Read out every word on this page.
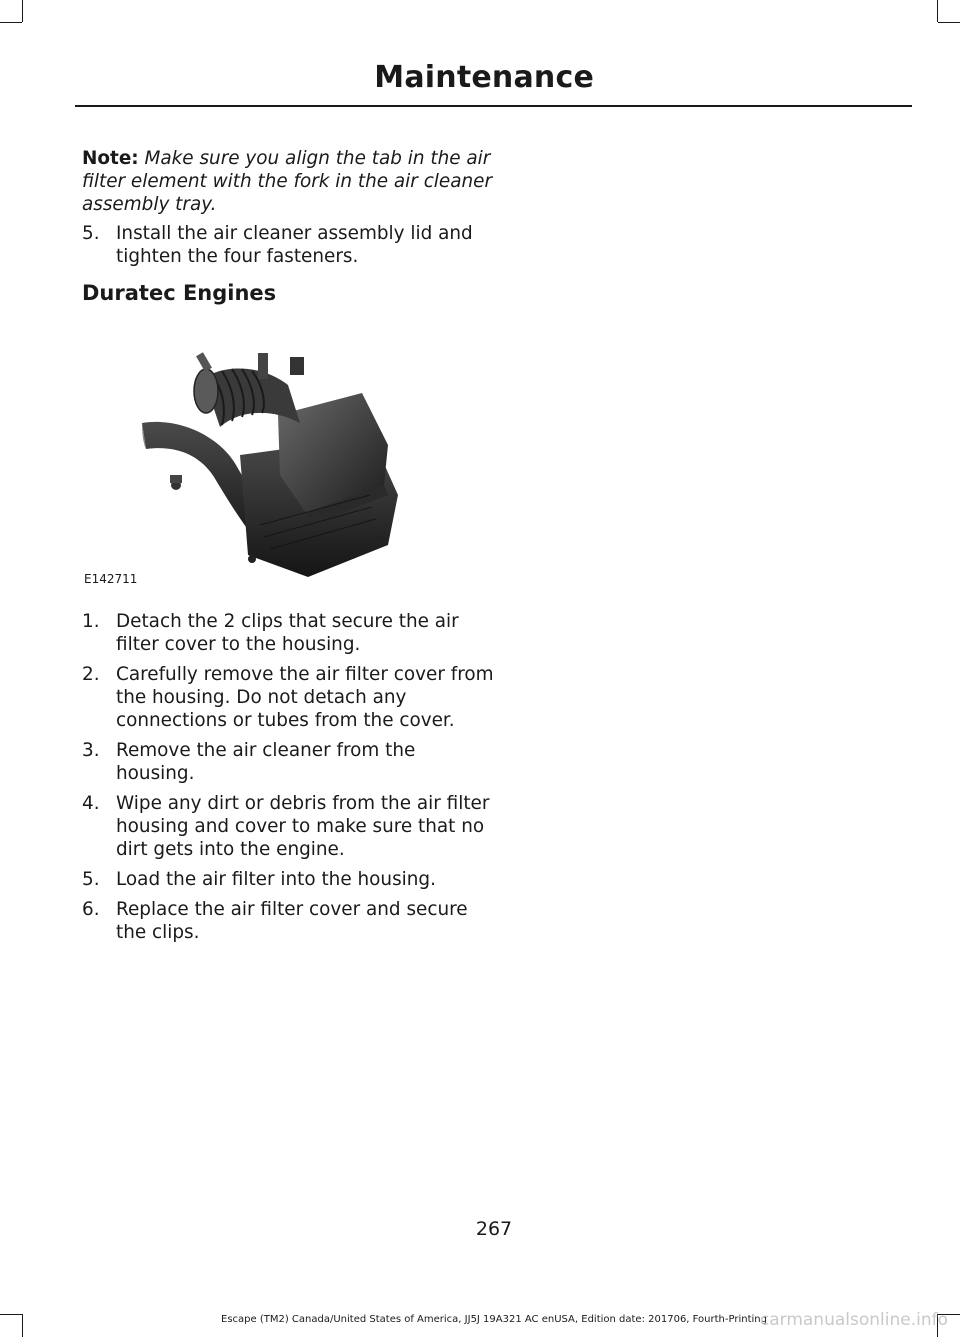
Maintenance
Note: Make sure you align the tab in the air filter element with the fork in the air cleaner assembly tray.
5. Install the air cleaner assembly lid and tighten the four fasteners.
Duratec Engines
E142711
1. Detach the 2 clips that secure the air filter cover to the housing.
2. Carefully remove the air filter cover from the housing. Do not detach any connections or tubes from the cover.
3. Remove the air cleaner from the housing.
4. Wipe any dirt or debris from the air filter housing and cover to make sure that no dirt gets into the engine.
5. Load the air filter into the housing.
6. Replace the air filter cover and secure the clips.
267
Escape (TM2) Canada/United States of America, JJ5J 19A321 AC enUSA, Edition date: 201706, Fourth-Printing
carmanualsonline.info
